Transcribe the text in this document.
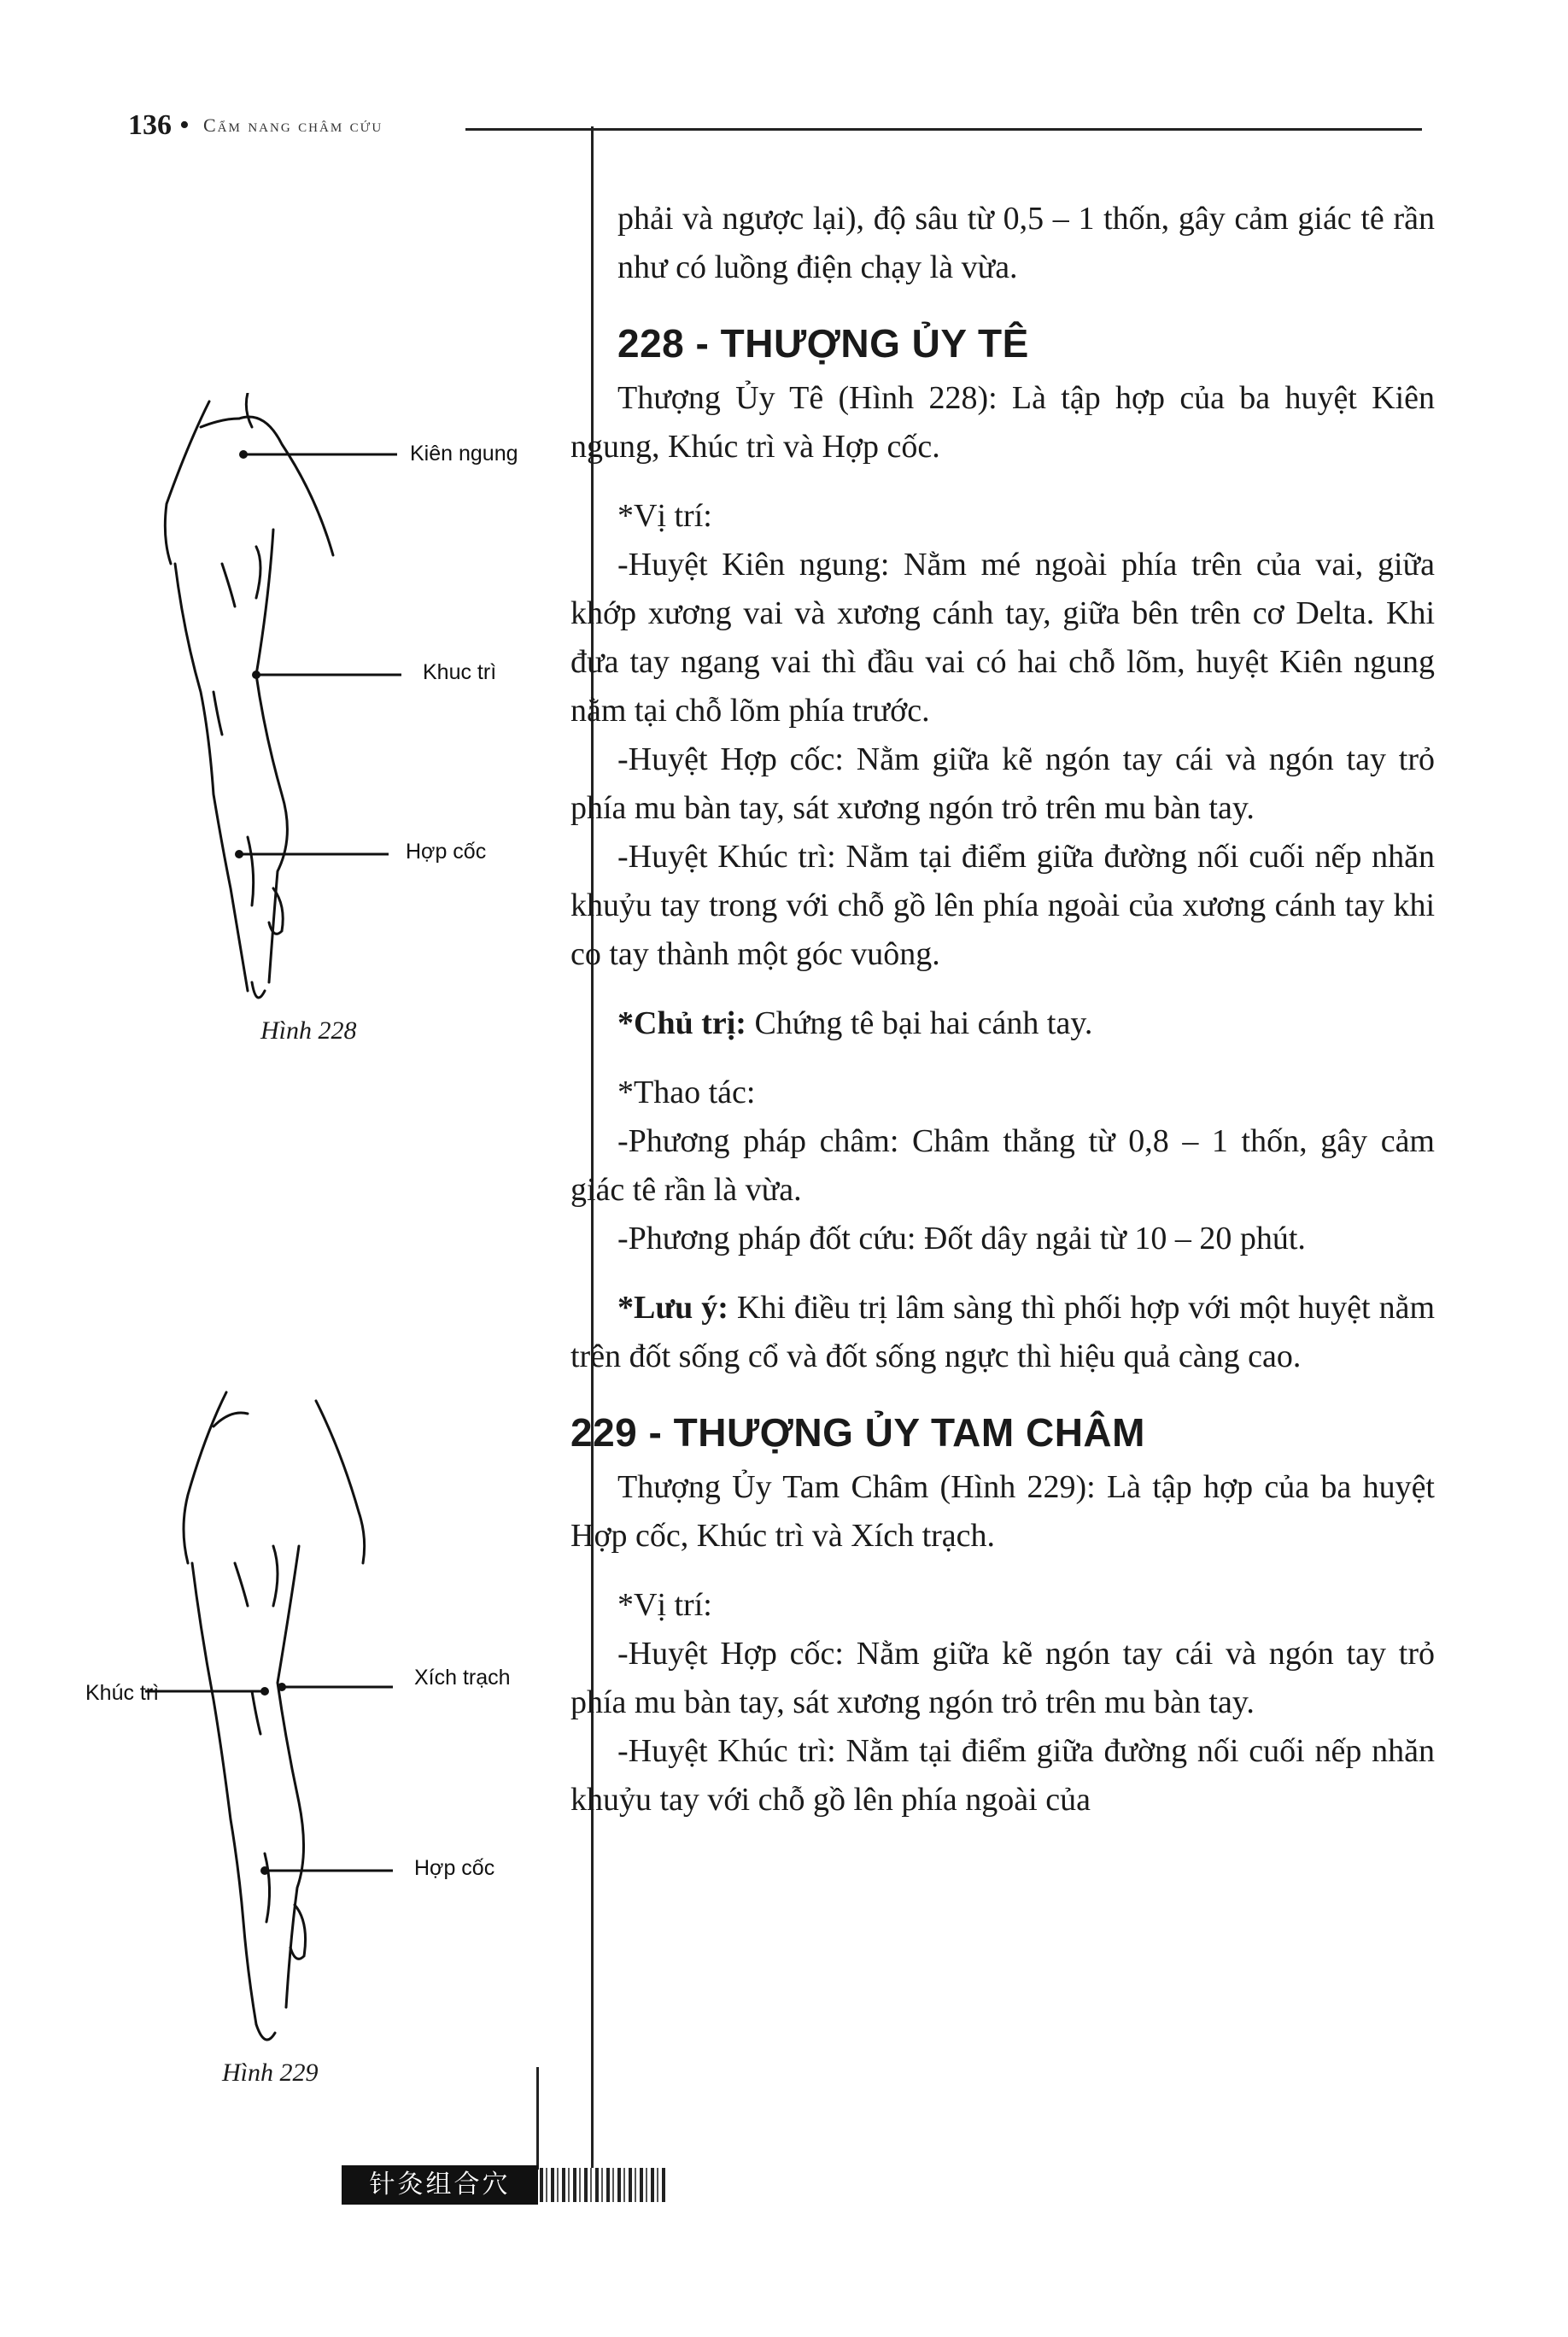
136 • Cẩm nang châm cứu
Kiên ngung
Khuc trì
Hợp cốc
Hình 228
Khúc trì
Xích trạch
Hợp cốc
Hình 229

phải và ngược lại), độ sâu từ 0,5 – 1 thốn, gây cảm giác tê rần như có luồng điện chạy là vừa.

228 - THƯỢNG ỦY TÊ

Thượng Ủy Tê (Hình 228): Là tập hợp của ba huyệt Kiên ngung, Khúc trì và Hợp cốc.

*Vị trí:

-Huyệt Kiên ngung: Nằm mé ngoài phía trên của vai, giữa khớp xương vai và xương cánh tay, giữa bên trên cơ Delta. Khi đưa tay ngang vai thì đầu vai có hai chỗ lõm, huyệt Kiên ngung nằm tại chỗ lõm phía trước.

-Huyệt Hợp cốc: Nằm giữa kẽ ngón tay cái và ngón tay trỏ phía mu bàn tay, sát xương ngón trỏ trên mu bàn tay.

-Huyệt Khúc trì: Nằm tại điểm giữa đường nối cuối nếp nhăn khuỷu tay trong với chỗ gồ lên phía ngoài của xương cánh tay khi co tay thành một góc vuông.

*Chủ trị: Chứng tê bại hai cánh tay.

*Thao tác:

-Phương pháp châm: Châm thẳng từ 0,8 – 1 thốn, gây cảm giác tê rần là vừa.

-Phương pháp đốt cứu: Đốt dây ngải từ 10 – 20 phút.

*Lưu ý: Khi điều trị lâm sàng thì phối hợp với một huyệt nằm trên đốt sống cổ và đốt sống ngực thì hiệu quả càng cao.

229 - THƯỢNG ỦY TAM CHÂM

Thượng Ủy Tam Châm (Hình 229): Là tập hợp của ba huyệt Hợp cốc, Khúc trì và Xích trạch.

*Vị trí:

-Huyệt Hợp cốc: Nằm giữa kẽ ngón tay cái và ngón tay trỏ phía mu bàn tay, sát xương ngón trỏ trên mu bàn tay.

-Huyệt Khúc trì: Nằm tại điểm giữa đường nối cuối nếp nhăn khuỷu tay với chỗ gồ lên phía ngoài của

针灸组合穴
